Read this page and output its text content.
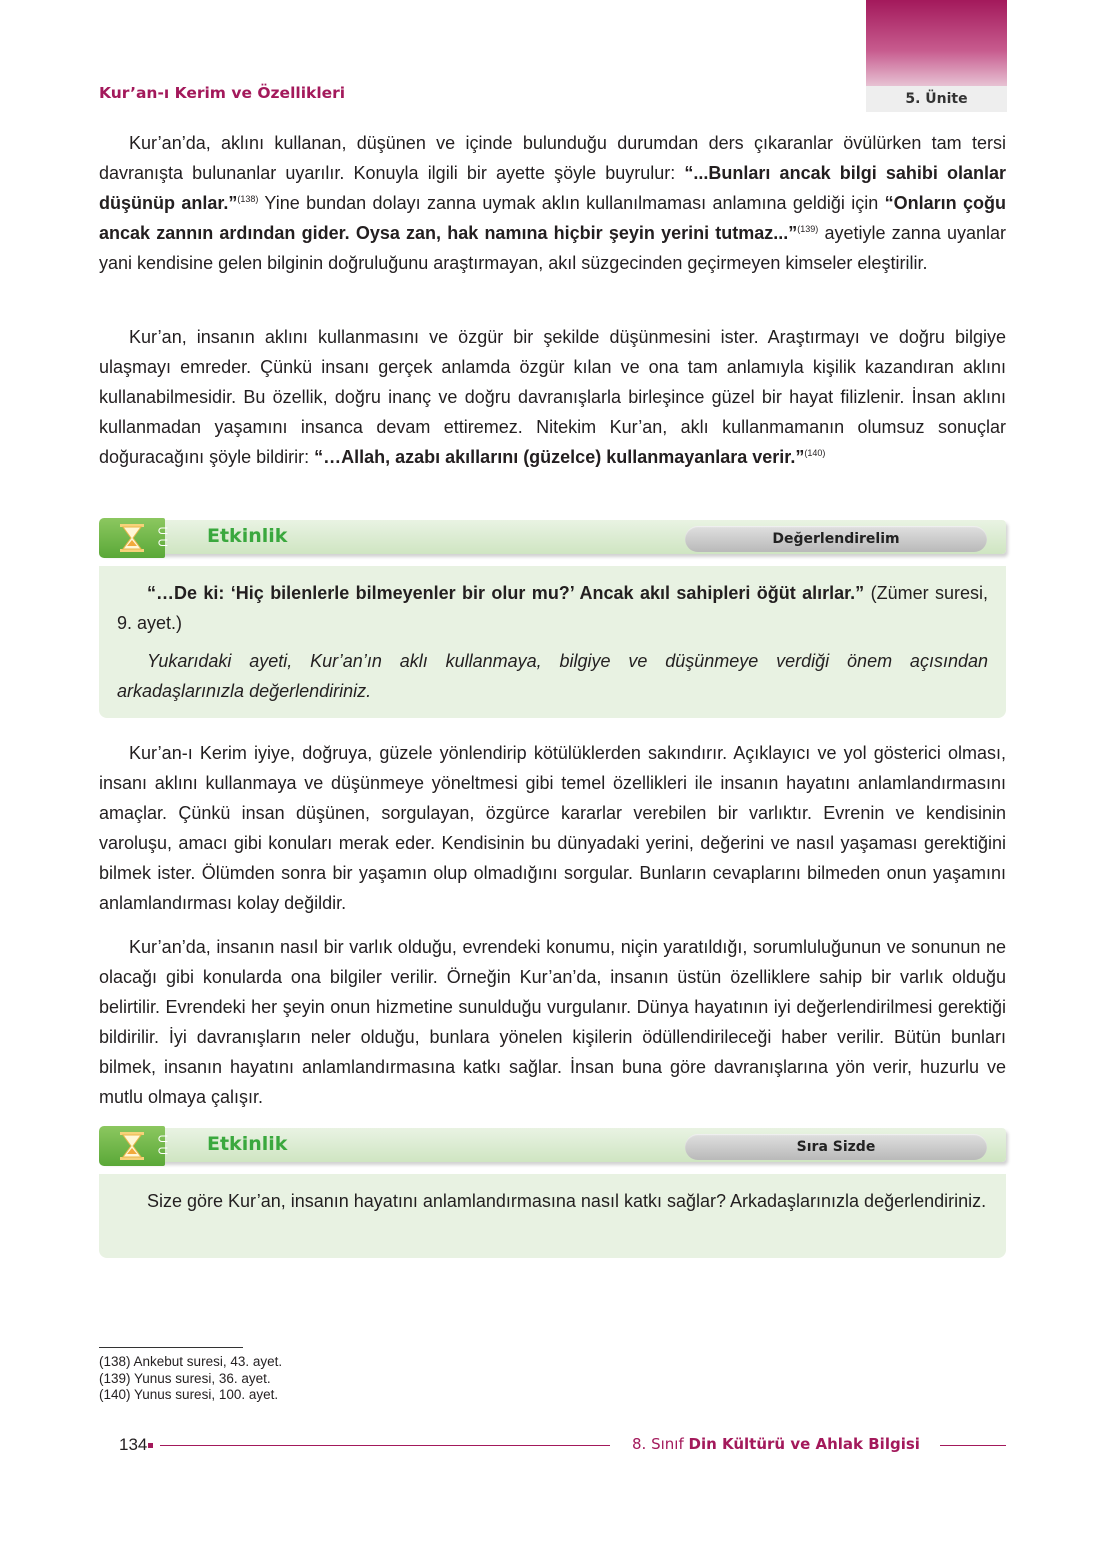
5. Ünite
Kur’an-ı Kerim ve Özellikleri

Kur’an’da, aklını kullanan, düşünen ve içinde bulunduğu durumdan ders çıkaranlar övülürken tam tersi davranışta bulunanlar uyarılır. Konuyla ilgili bir ayette şöyle buyrulur: “...Bunları ancak bilgi sahibi olanlar düşünüp anlar.”$^{(138)}$ Yine bundan dolayı zanna uymak aklın kullanılmaması anlamına geldiği için “Onların çoğu ancak zannın ardından gider. Oysa zan, hak namına hiçbir şeyin yerini tutmaz...”$^{(139)}$ ayetiyle zanna uyanlar yani kendisine gelen bilginin doğruluğunu araştırmayan, akıl süzgecinden geçirmeyen kimseler eleştirilir.

Kur’an, insanın aklını kullanmasını ve özgür bir şekilde düşünmesini ister. Araştırmayı ve doğru bilgiye ulaşmayı emreder. Çünkü insanı gerçek anlamda özgür kılan ve ona tam anlamıyla kişilik kazandıran aklını kullanabilmesidir. Bu özellik, doğru inanç ve doğru davranışlarla birleşince güzel bir hayat filizlenir. İnsan aklını kullanmadan yaşamını insanca devam ettiremez. Nitekim Kur’an, aklı kullanmamanın olumsuz sonuçlar doğuracağını şöyle bildirir: “…Allah, azabı akıllarını (güzelce) kullanmayanlara verir.”$^{(140)}$

⊂
⊂ Etkinlik	Değerlendirelim

“…De ki: ‘Hiç bilenlerle bilmeyenler bir olur mu?’ Ancak akıl sahipleri öğüt alırlar.” (Zümer suresi, 9. ayet.)

Yukarıdaki ayeti, Kur’an’ın aklı kullanmaya, bilgiye ve düşünmeye verdiği önem açısından arkadaşlarınızla değerlendiriniz.

Kur’an-ı Kerim iyiye, doğruya, güzele yönlendirip kötülüklerden sakındırır. Açıklayıcı ve yol gösterici olması, insanı aklını kullanmaya ve düşünmeye yöneltmesi gibi temel özellikleri ile insanın hayatını anlamlandırmasını amaçlar. Çünkü insan düşünen, sorgulayan, özgürce kararlar verebilen bir varlıktır. Evrenin ve kendisinin varoluşu, amacı gibi konuları merak eder. Kendisinin bu dünyadaki yerini, değerini ve nasıl yaşaması gerektiğini bilmek ister. Ölümden sonra bir yaşamın olup olmadığını sorgular. Bunların cevaplarını bilmeden onun yaşamını anlamlandırması kolay değildir.

Kur’an’da, insanın nasıl bir varlık olduğu, evrendeki konumu, niçin yaratıldığı, sorumluluğunun ve sonunun ne olacağı gibi konularda ona bilgiler verilir. Örneğin Kur’an’da, insanın üstün özelliklere sahip bir varlık olduğu belirtilir. Evrendeki her şeyin onun hizmetine sunulduğu vurgulanır. Dünya hayatının iyi değerlendirilmesi gerektiği bildirilir. İyi davranışların neler olduğu, bunlara yönelen kişilerin ödüllendirileceği haber verilir. Bütün bunları bilmek, insanın hayatını anlamlandırmasına katkı sağlar. İnsan buna göre davranışlarına yön verir, huzurlu ve mutlu olmaya çalışır.

⊂
⊂ Etkinlik	Sıra Sizde

Size göre Kur’an, insanın hayatını anlamlandırmasına nasıl katkı sağlar? Arkadaşlarınızla değerlendiriniz.

(138) Ankebut suresi, 43. ayet.
(139) Yunus suresi, 36. ayet.
(140) Yunus suresi, 100. ayet.
134	8. Sınıf Din Kültürü ve Ahlak Bilgisi
